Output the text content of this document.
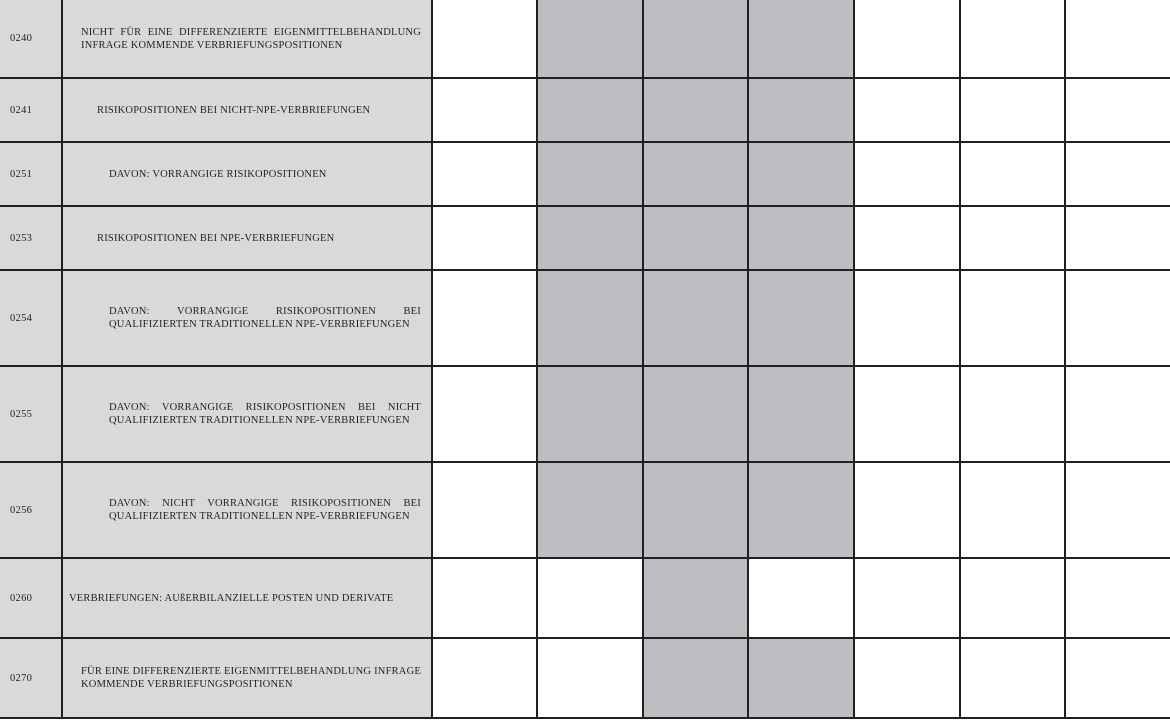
0240	NICHT FÜR EINE DIFFERENZIERTE EIGENMITTELBEHANDLUNG INFRAGE KOMMENDE VERBRIEFUNGSPOSITIONEN							

0241	RISIKOPOSITIONEN BEI NICHT-NPE-VERBRIEFUNGEN							

0251	DAVON: VORRANGIGE RISIKOPOSITIONEN							

0253	RISIKOPOSITIONEN BEI NPE-VERBRIEFUNGEN							

0254	DAVON: VORRANGIGE RISIKOPOSITIONEN BEI QUALIFIZIERTEN TRADITIONELLEN NPE-VERBRIEFUNGEN							

0255	DAVON: VORRANGIGE RISIKOPOSITIONEN BEI NICHT QUALIFIZIERTEN TRADITIONELLEN NPE-VERBRIEFUNGEN							

0256	DAVON: NICHT VORRANGIGE RISIKOPOSITIONEN BEI QUALIFIZIERTEN TRADITIONELLEN NPE-VERBRIEFUNGEN							

0260	VERBRIEFUNGEN: AUßERBILANZIELLE POSTEN UND DERIVATE							

0270	FÜR EINE DIFFERENZIERTE EIGENMITTELBEHANDLUNG INFRAGE KOMMENDE VERBRIEFUNGSPOSITIONEN							
